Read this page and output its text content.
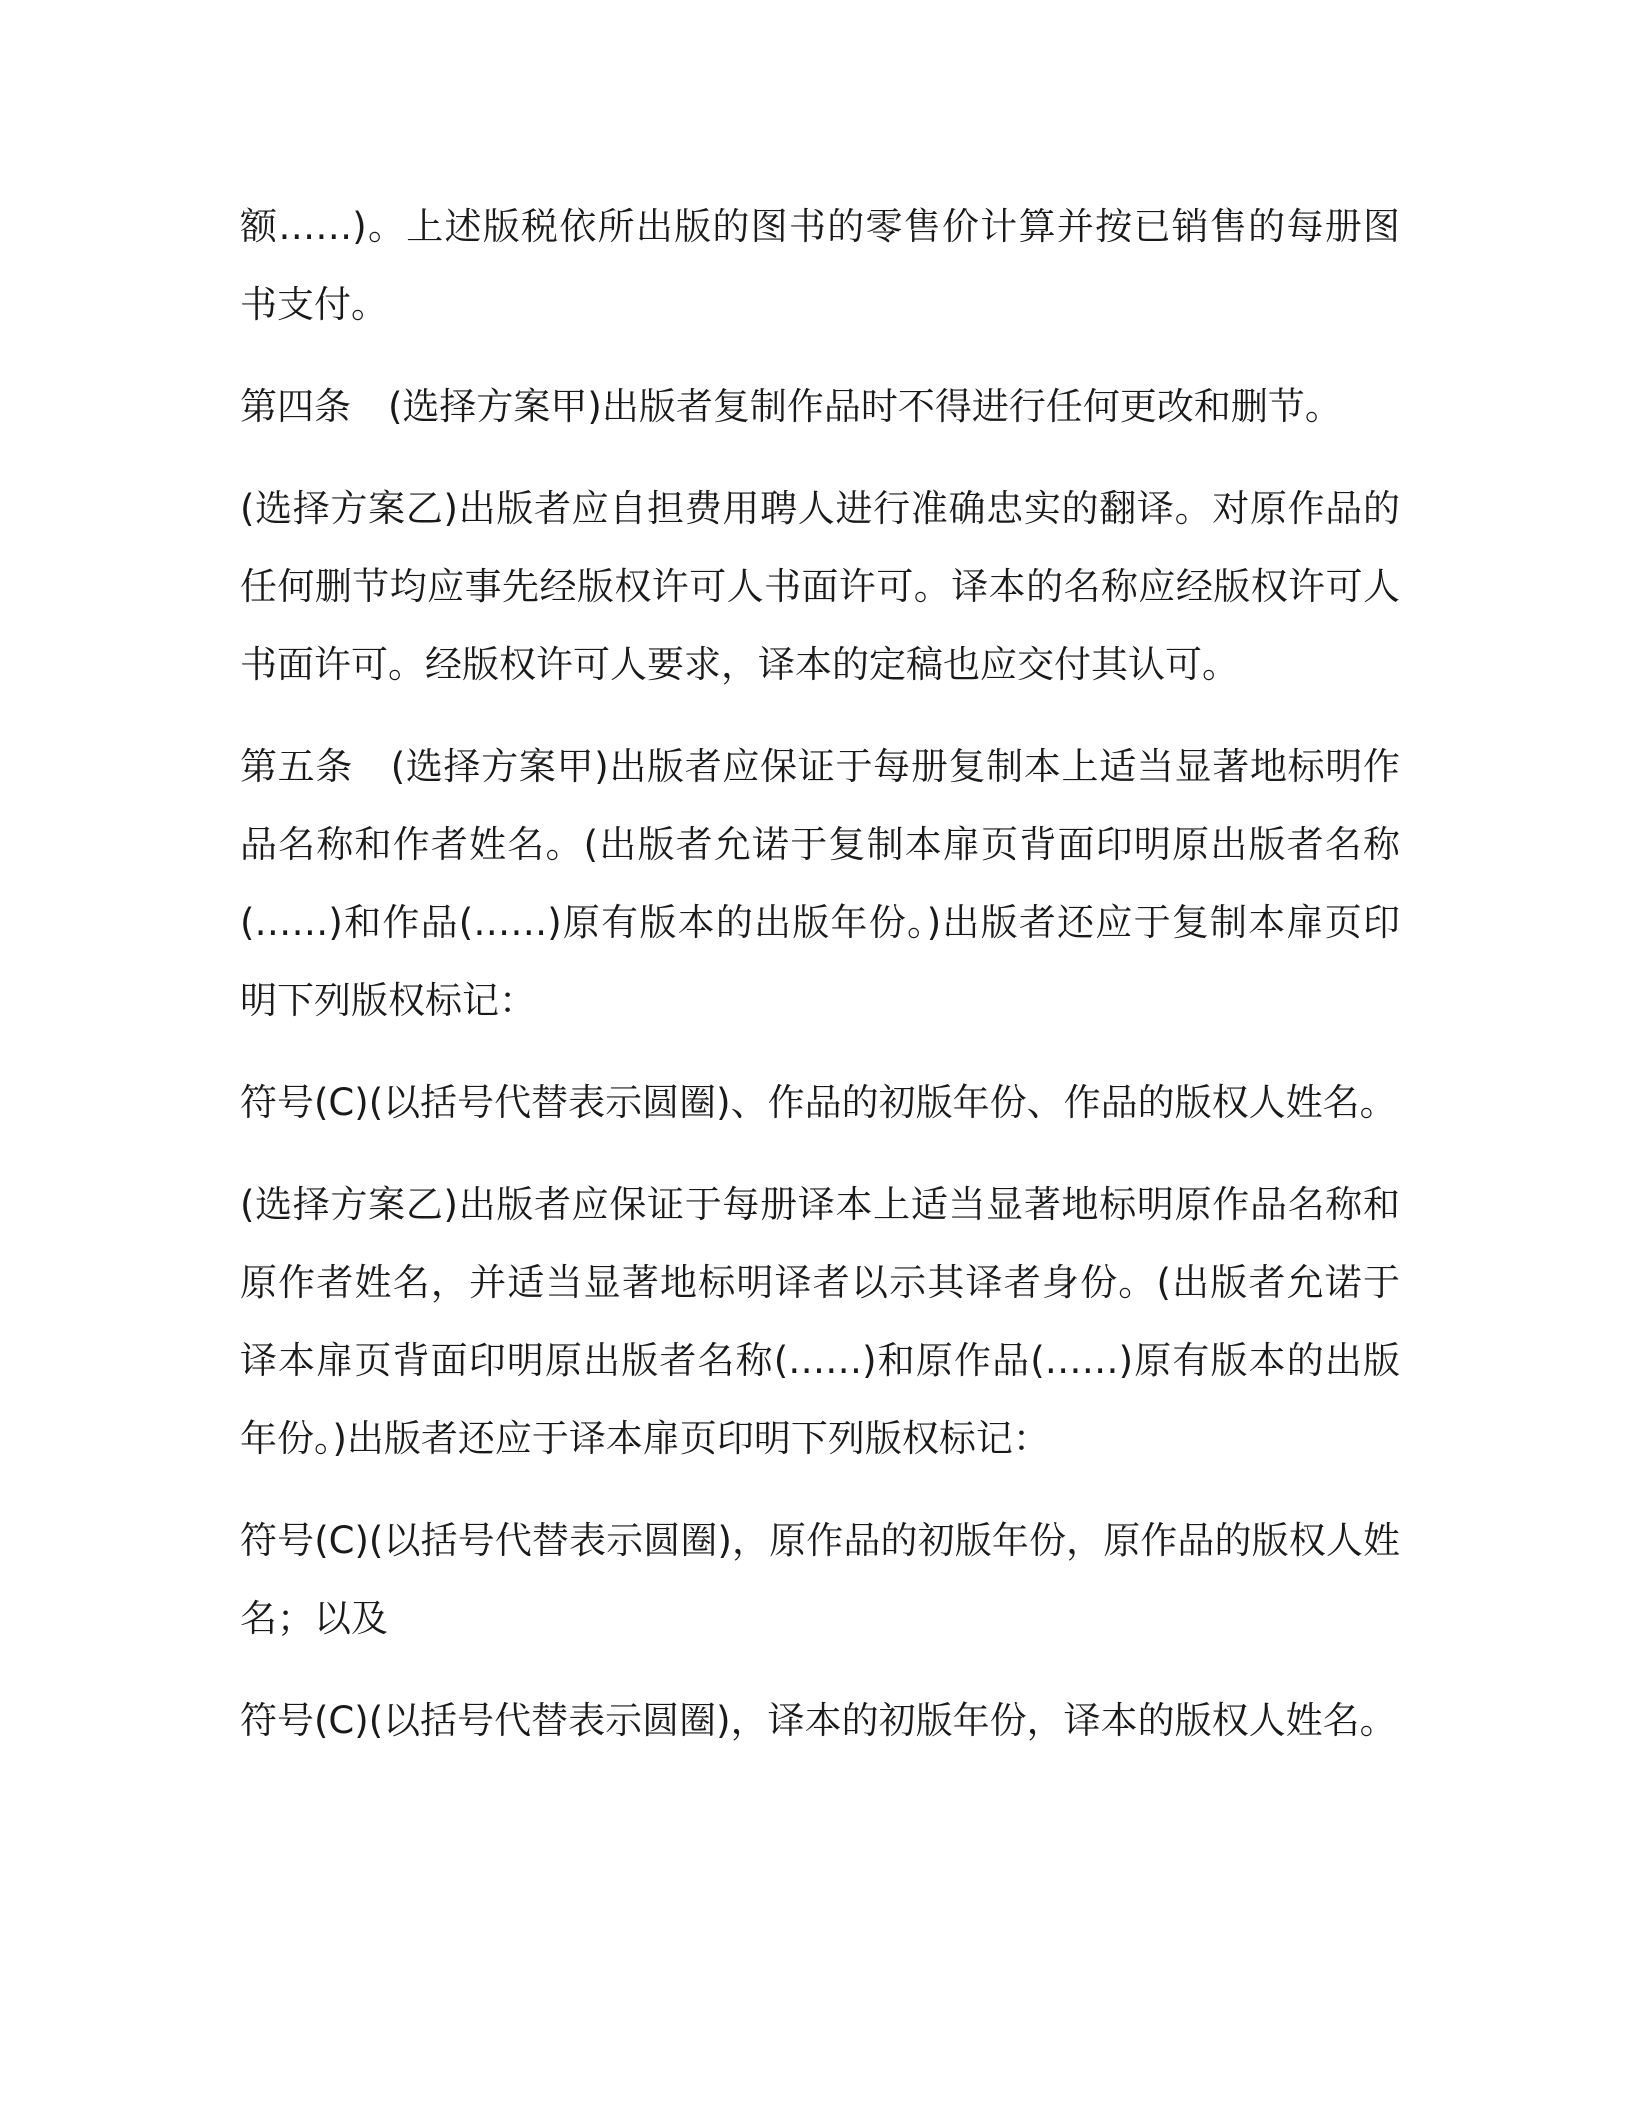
额……)。上述版税依所出版的图书的零售价计算并按已销售的每册图书支付。

第四条　(选择方案甲)出版者复制作品时不得进行任何更改和删节。

(选择方案乙)出版者应自担费用聘人进行准确忠实的翻译。对原作品的任何删节均应事先经版权许可人书面许可。译本的名称应经版权许可人书面许可。经版权许可人要求，译本的定稿也应交付其认可。

第五条　(选择方案甲)出版者应保证于每册复制本上适当显著地标明作品名称和作者姓名。(出版者允诺于复制本扉页背面印明原出版者名称(……)和作品(……)原有版本的出版年份。)出版者还应于复制本扉页印明下列版权标记：

符号(C)(以括号代替表示圆圈)、作品的初版年份、作品的版权人姓名。

(选择方案乙)出版者应保证于每册译本上适当显著地标明原作品名称和原作者姓名，并适当显著地标明译者以示其译者身份。(出版者允诺于译本扉页背面印明原出版者名称(……)和原作品(……)原有版本的出版年份。)出版者还应于译本扉页印明下列版权标记：

符号(C)(以括号代替表示圆圈)，原作品的初版年份，原作品的版权人姓名；以及

符号(C)(以括号代替表示圆圈)，译本的初版年份，译本的版权人姓名。
